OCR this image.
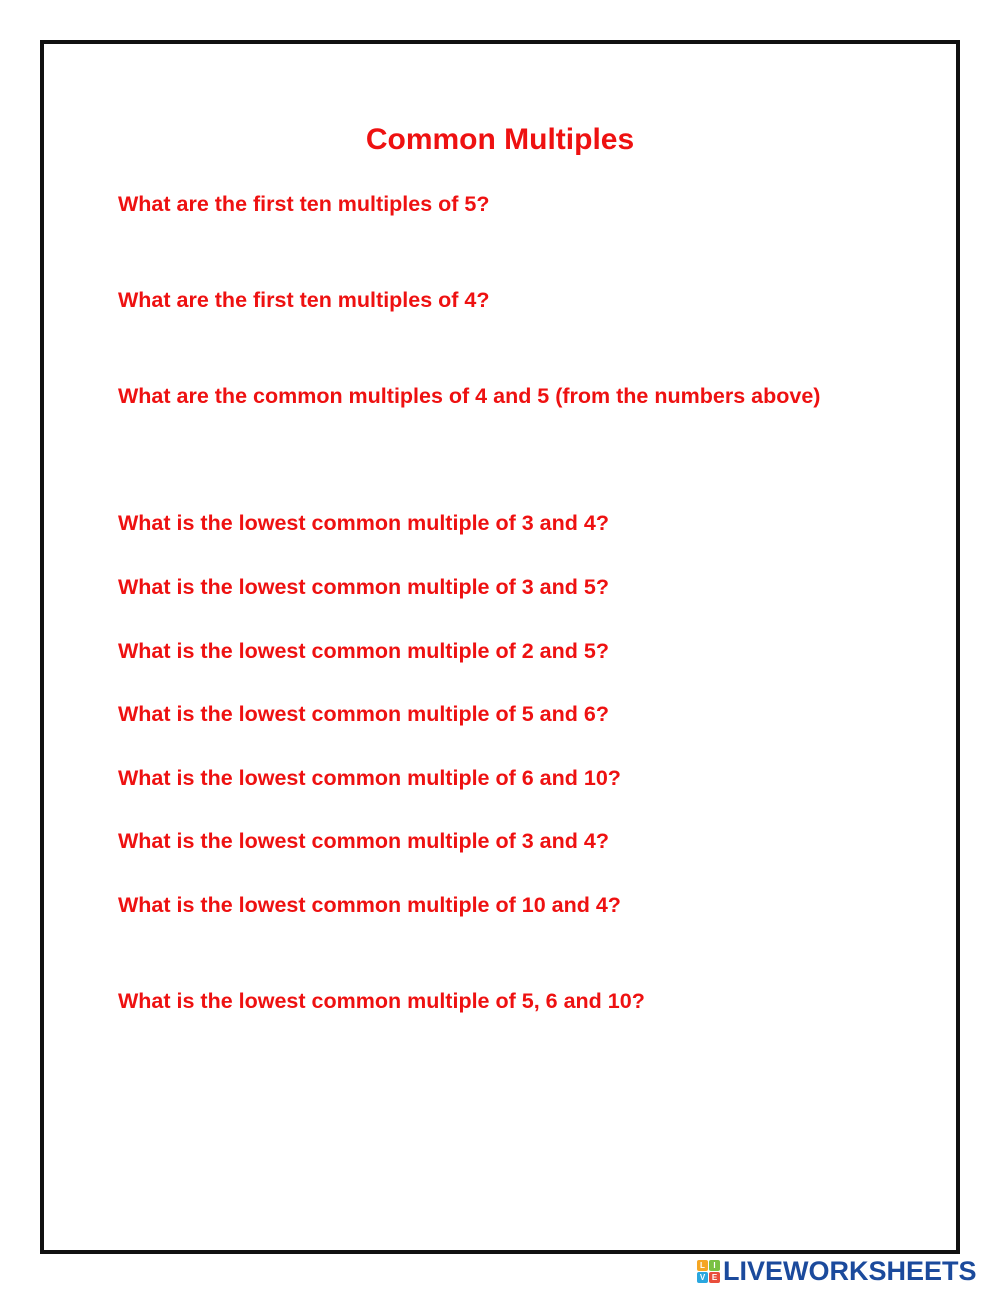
Common Multiples
What are the first ten multiples of 5?
What are the first ten multiples of 4?
What are the common multiples of 4 and 5 (from the numbers above)
What is the lowest common multiple of 3 and 4?
What is the lowest common multiple of 3 and 5?
What is the lowest common multiple of 2 and 5?
What is the lowest common multiple of 5 and 6?
What is the lowest common multiple of 6 and 10?
What is the lowest common multiple of 3 and 4?
What is the lowest common multiple of 10 and 4?
What is the lowest common multiple of 5, 6 and 10?
L	I
V E LIVEWORKSHEETS
